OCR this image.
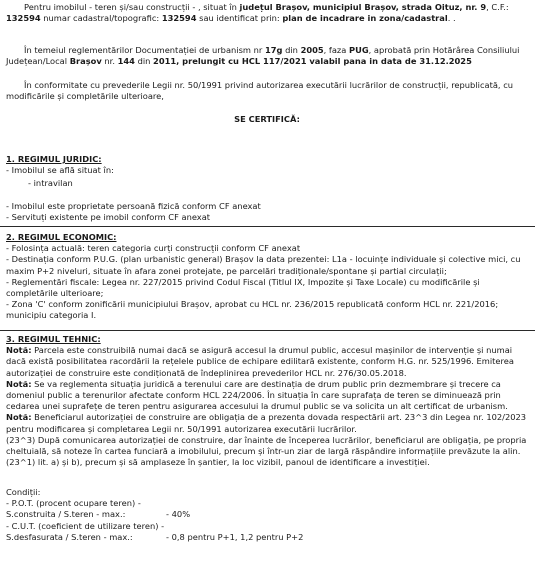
Pentru imobilul - teren și/sau construcții - , situat în județul Brașov, municipiul Brașov, strada Oituz, nr. 9, C.F.: 132594 numar cadastral/topografic: 132594 sau identificat prin: plan de incadrare in zona/cadastral. .

În temeiul reglementărilor Documentației de urbanism nr 17g din 2005, faza PUG, aprobată prin Hotărârea Consiliului Județean/Local Brașov nr. 144 din 2011, prelungit cu HCL 117/2021 valabil pana in data de 31.12.2025

În conformitate cu prevederile Legii nr. 50/1991 privind autorizarea executării lucrărilor de construcții, republicată, cu modificările și completările ulterioare,

SE CERTIFICĂ:

1. REGIMUL JURIDIC:

- Imobilul se află situat în:

- intravilan

- Imobilul este proprietate persoană fizică conform CF anexat

- Servituți existente pe imobil conform CF anexat

2. REGIMUL ECONOMIC:

- Folosința actuală: teren categoria curți construcții conform CF anexat

- Destinația conform P.U.G. (plan urbanistic general) Brașov la data prezentei: L1a - locuințe individuale și colective mici, cu maxim P+2 niveluri, situate în afara zonei protejate, pe parcelări tradiționale/spontane și partial circulații;

- Reglementări fiscale: Legea nr. 227/2015 privind Codul Fiscal (Titlul IX, Impozite și Taxe Locale) cu modificările și completările ulterioare;

- Zona 'C' conform zonificării municipiului Brașov, aprobat cu HCL nr. 236/2015 republicată conform HCL nr. 221/2016; municipiu categoria I.

3. REGIMUL TEHNIC:

Notă: Parcela este construibilă numai dacă se asigură accesul la drumul public, accesul mașinilor de intervenție și numai dacă există posibilitatea racordării la rețelele publice de echipare edilitară existente, conform H.G. nr. 525/1996. Emiterea autorizației de construire este condiționată de îndeplinirea prevederilor HCL nr. 276/30.05.2018.

Notă: Se va reglementa situația juridică a terenului care are destinația de drum public prin dezmembrare și trecere ca domeniul public a terenurilor afectate conform HCL 224/2006. În situația în care suprafața de teren se diminuează prin cedarea unei suprafețe de teren pentru asigurarea accesului la drumul public se va solicita un alt certificat de urbanism.

Notă: Beneficiarul autorizației de construire are obligația de a prezenta dovada respectării art. 23^3 din Legea nr. 102/2023 pentru modificarea și completarea Legii nr. 50/1991 autorizarea executării lucrărilor.

(23^3) După comunicarea autorizației de construire, dar înainte de începerea lucrărilor, beneficiarul are obligația, pe propria cheltuială, să noteze în cartea funciară a imobilului, precum și într-un ziar de largă răspândire informațiile prevăzute la alin. (23^1) lit. a) și b), precum și să amplaseze în șantier, la loc vizibil, panoul de identificare a investiției.

Condiții:

- P.O.T. (procent ocupare teren) -

S.construita / S.teren - max.:	- 40%

- C.U.T. (coeficient de utilizare teren) -

S.desfasurata / S.teren - max.:	- 0,8 pentru P+1, 1,2 pentru P+2
